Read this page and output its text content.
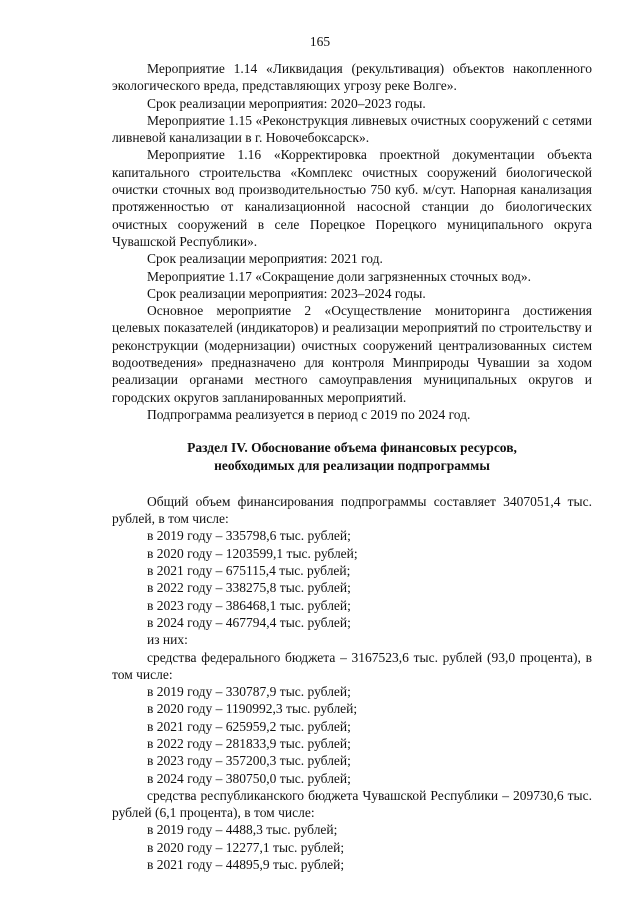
165

Мероприятие 1.14 «Ликвидация (рекультивация) объектов накопленного экологического вреда, представляющих угрозу реке Волге».

Срок реализации мероприятия: 2020–2023 годы.

Мероприятие 1.15 «Реконструкция ливневых очистных сооружений с сетями ливневой канализации в г. Новочебоксарск».

Мероприятие 1.16 «Корректировка проектной документации объекта капитального строительства «Комплекс очистных сооружений биологической очистки сточных вод производительностью 750 куб. м/сут. Напорная канализация протяженностью от канализационной насосной станции до биологических очистных сооружений в селе Порецкое Порецкого муниципального округа Чувашской Республики».

Срок реализации мероприятия: 2021 год.

Мероприятие 1.17 «Сокращение доли загрязненных сточных вод».

Срок реализации мероприятия: 2023–2024 годы.

Основное мероприятие 2 «Осуществление мониторинга достижения целевых показателей (индикаторов) и реализации мероприятий по строительству и реконструкции (модернизации) очистных сооружений централизованных систем водоотведения» предназначено для контроля Минприроды Чувашии за ходом реализации органами местного самоуправления муниципальных округов и городских округов запланированных мероприятий.

Подпрограмма реализуется в период с 2019 по 2024 год.

Раздел IV. Обоснование объема финансовых ресурсов,
необходимых для реализации подпрограммы

Общий объем финансирования подпрограммы составляет 3407051,4 тыс. рублей, в том числе:

в 2019 году – 335798,6 тыс. рублей;

в 2020 году – 1203599,1 тыс. рублей;

в 2021 году – 675115,4 тыс. рублей;

в 2022 году – 338275,8 тыс. рублей;

в 2023 году – 386468,1 тыс. рублей;

в 2024 году – 467794,4 тыс. рублей;

из них:

средства федерального бюджета – 3167523,6 тыс. рублей (93,0 процента), в том числе:

в 2019 году – 330787,9 тыс. рублей;

в 2020 году – 1190992,3 тыс. рублей;

в 2021 году – 625959,2 тыс. рублей;

в 2022 году – 281833,9 тыс. рублей;

в 2023 году – 357200,3 тыс. рублей;

в 2024 году – 380750,0 тыс. рублей;

средства республиканского бюджета Чувашской Республики – 209730,6 тыс. рублей (6,1 процента), в том числе:

в 2019 году – 4488,3 тыс. рублей;

в 2020 году – 12277,1 тыс. рублей;

в 2021 году – 44895,9 тыс. рублей;
